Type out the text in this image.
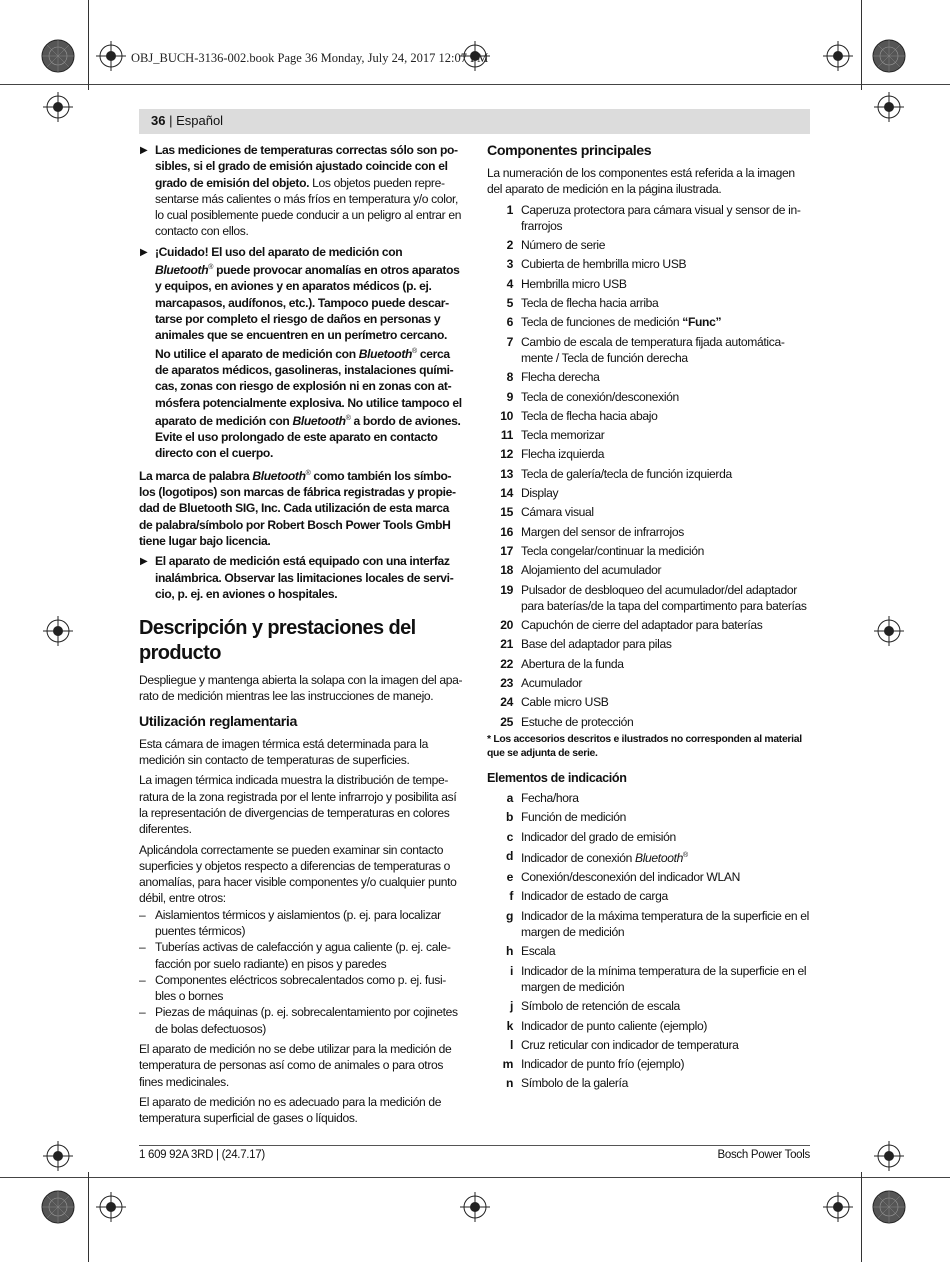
OBJ_BUCH-3136-002.book Page 36 Monday, July 24, 2017 12:07 PM
36 | Español
▶ Las mediciones de temperaturas correctas sólo son posibles, si el grado de emisión ajustado coincide con el grado de emisión del objeto. Los objetos pueden representarse más calientes o más fríos en temperatura y/o color, lo cual posiblemente puede conducir a un peligro al entrar en contacto con ellos.
▶ ¡Cuidado! El uso del aparato de medición con Bluetooth® puede provocar anomalías en otros aparatos y equipos, en aviones y en aparatos médicos (p. ej. marcapasos, audífonos, etc.). Tampoco puede descartarse por completo el riesgo de daños en personas y animales que se encuentren en un perímetro cercano. No utilice el aparato de medición con Bluetooth® cerca de aparatos médicos, gasolineras, instalaciones químicas, zonas con riesgo de explosión ni en zonas con atmósfera potencialmente explosiva. No utilice tampoco el aparato de medición con Bluetooth® a bordo de aviones. Evite el uso prolongado de este aparato en contacto directo con el cuerpo.

La marca de palabra Bluetooth® como también los símbolos (logotipos) son marcas de fábrica registradas y propiedad de Bluetooth SIG, Inc. Cada utilización de esta marca de palabra/símbolo por Robert Bosch Power Tools GmbH tiene lugar bajo licencia.

▶ El aparato de medición está equipado con una interfaz inalámbrica. Observar las limitaciones locales de servicio, p. ej. en aviones o hospitales.
Descripción y prestaciones del producto

Despliegue y mantenga abierta la solapa con la imagen del aparato de medición mientras lee las instrucciones de manejo.

Utilización reglamentaria

Esta cámara de imagen térmica está determinada para la medición sin contacto de temperaturas de superficies.

La imagen térmica indicada muestra la distribución de temperatura de la zona registrada por el lente infrarrojo y posibilita así la representación de divergencias de temperaturas en colores diferentes.

Aplicándola correctamente se pueden examinar sin contacto superficies y objetos respecto a diferencias de temperaturas o anomalías, para hacer visible componentes y/o cualquier punto débil, entre otros:

– Aislamientos térmicos y aislamientos (p. ej. para localizar puentes térmicos)
– Tuberías activas de calefacción y agua caliente (p. ej. calefacción por suelo radiante) en pisos y paredes
– Componentes eléctricos sobrecalentados como p. ej. fusibles o bornes
– Piezas de máquinas (p. ej. sobrecalentamiento por cojinetes de bolas defectuosos)

El aparato de medición no se debe utilizar para la medición de temperatura de personas así como de animales o para otros fines medicinales.

El aparato de medición no es adecuado para la medición de temperatura superficial de gases o líquidos.

Componentes principales

La numeración de los componentes está referida a la imagen del aparato de medición en la página ilustrada.

1 Caperuza protectora para cámara visual y sensor de infrarrojos
2 Número de serie
3 Cubierta de hembrilla micro USB
4 Hembrilla micro USB
5 Tecla de flecha hacia arriba
6 Tecla de funciones de medición “Func”
7 Cambio de escala de temperatura fijada automáticamente / Tecla de función derecha
8 Flecha derecha
9 Tecla de conexión/desconexión
10 Tecla de flecha hacia abajo
11 Tecla memorizar
12 Flecha izquierda
13 Tecla de galería/tecla de función izquierda
14 Display
15 Cámara visual
16 Margen del sensor de infrarrojos
17 Tecla congelar/continuar la medición
18 Alojamiento del acumulador
19 Pulsador de desbloqueo del acumulador/del adaptador para baterías/de la tapa del compartimento para baterías
20 Capuchón de cierre del adaptador para baterías
21 Base del adaptador para pilas
22 Abertura de la funda
23 Acumulador
24 Cable micro USB
25 Estuche de protección

* Los accesorios descritos e ilustrados no corresponden al material que se adjunta de serie.

Elementos de indicación
a Fecha/hora
b Función de medición
c Indicador del grado de emisión
d Indicador de conexión Bluetooth®
e Conexión/desconexión del indicador WLAN
f Indicador de estado de carga
g Indicador de la máxima temperatura de la superficie en el margen de medición
h Escala
i Indicador de la mínima temperatura de la superficie en el margen de medición
j Símbolo de retención de escala
k Indicador de punto caliente (ejemplo)
l Cruz reticular con indicador de temperatura
m Indicador de punto frío (ejemplo)
n Símbolo de la galería
1 609 92A 3RD | (24.7.17)	Bosch Power Tools
